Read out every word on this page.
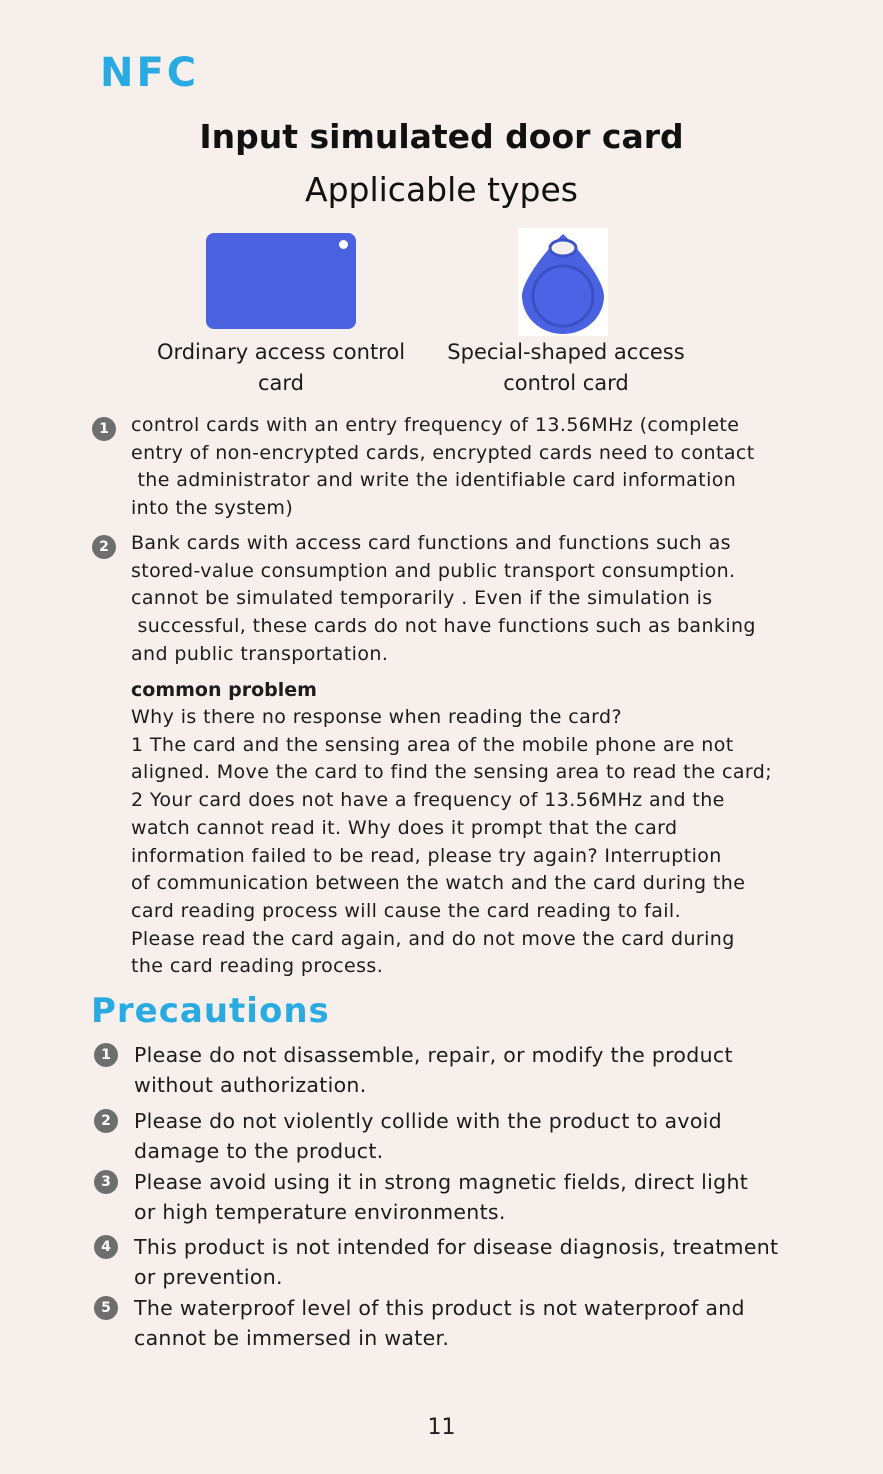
NFC
Input simulated door card
Applicable types
Ordinary access control
card
Special-shaped access
control card
1	control cards with an entry frequency of 13.56MHz (complete
entry of non-encrypted cards, encrypted cards need to contact
the administrator and write the identifiable card information
into the system)
2	Bank cards with access card functions and functions such as
stored-value consumption and public transport consumption.
cannot be simulated temporarily . Even if the simulation is
successful, these cards do not have functions such as banking
and public transportation.
common problem
Why is there no response when reading the card?
1 The card and the sensing area of the mobile phone are not
aligned. Move the card to find the sensing area to read the card;
2 Your card does not have a frequency of 13.56MHz and the
watch cannot read it. Why does it prompt that the card
information failed to be read, please try again? Interruption
of communication between the watch and the card during the
card reading process will cause the card reading to fail.
Please read the card again, and do not move the card during
the card reading process.
Precautions
1	Please do not disassemble, repair, or modify the product
without authorization.
2	Please do not violently collide with the product to avoid
damage to the product.
3	Please avoid using it in strong magnetic fields, direct light
or high temperature environments.
4	This product is not intended for disease diagnosis, treatment
or prevention.
5	The waterproof level of this product is not waterproof and
cannot be immersed in water.
11
